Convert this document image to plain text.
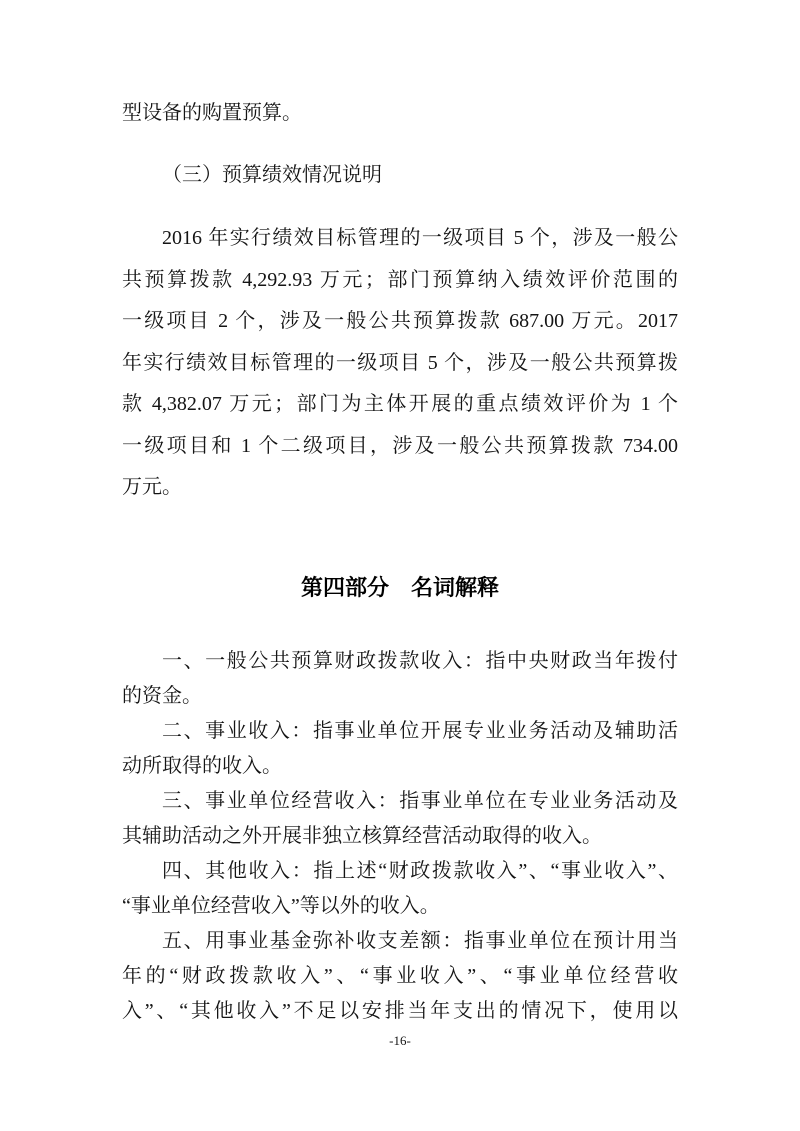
型设备的购置预算。
（三）预算绩效情况说明
2016 年实行绩效目标管理的一级项目 5 个，涉及一般公
共预算拨款 4,292.93 万元；部门预算纳入绩效评价范围的
一级项目 2 个，涉及一般公共预算拨款 687.00 万元。2017
年实行绩效目标管理的一级项目 5 个，涉及一般公共预算拨
款 4,382.07 万元；部门为主体开展的重点绩效评价为 1 个
一级项目和 1 个二级项目，涉及一般公共预算拨款 734.00
万元。
第四部分　名词解释
一、一般公共预算财政拨款收入：指中央财政当年拨付
的资金。
二、事业收入：指事业单位开展专业业务活动及辅助活
动所取得的收入。
三、事业单位经营收入：指事业单位在专业业务活动及
其辅助活动之外开展非独立核算经营活动取得的收入。
四、其他收入：指上述“财政拨款收入”、“事业收入”、
“事业单位经营收入”等以外的收入。
五、用事业基金弥补收支差额：指事业单位在预计用当
年的“财政拨款收入”、“事业收入”、“事业单位经营收
入”、“其他收入”不足以安排当年支出的情况下，使用以
-16-
